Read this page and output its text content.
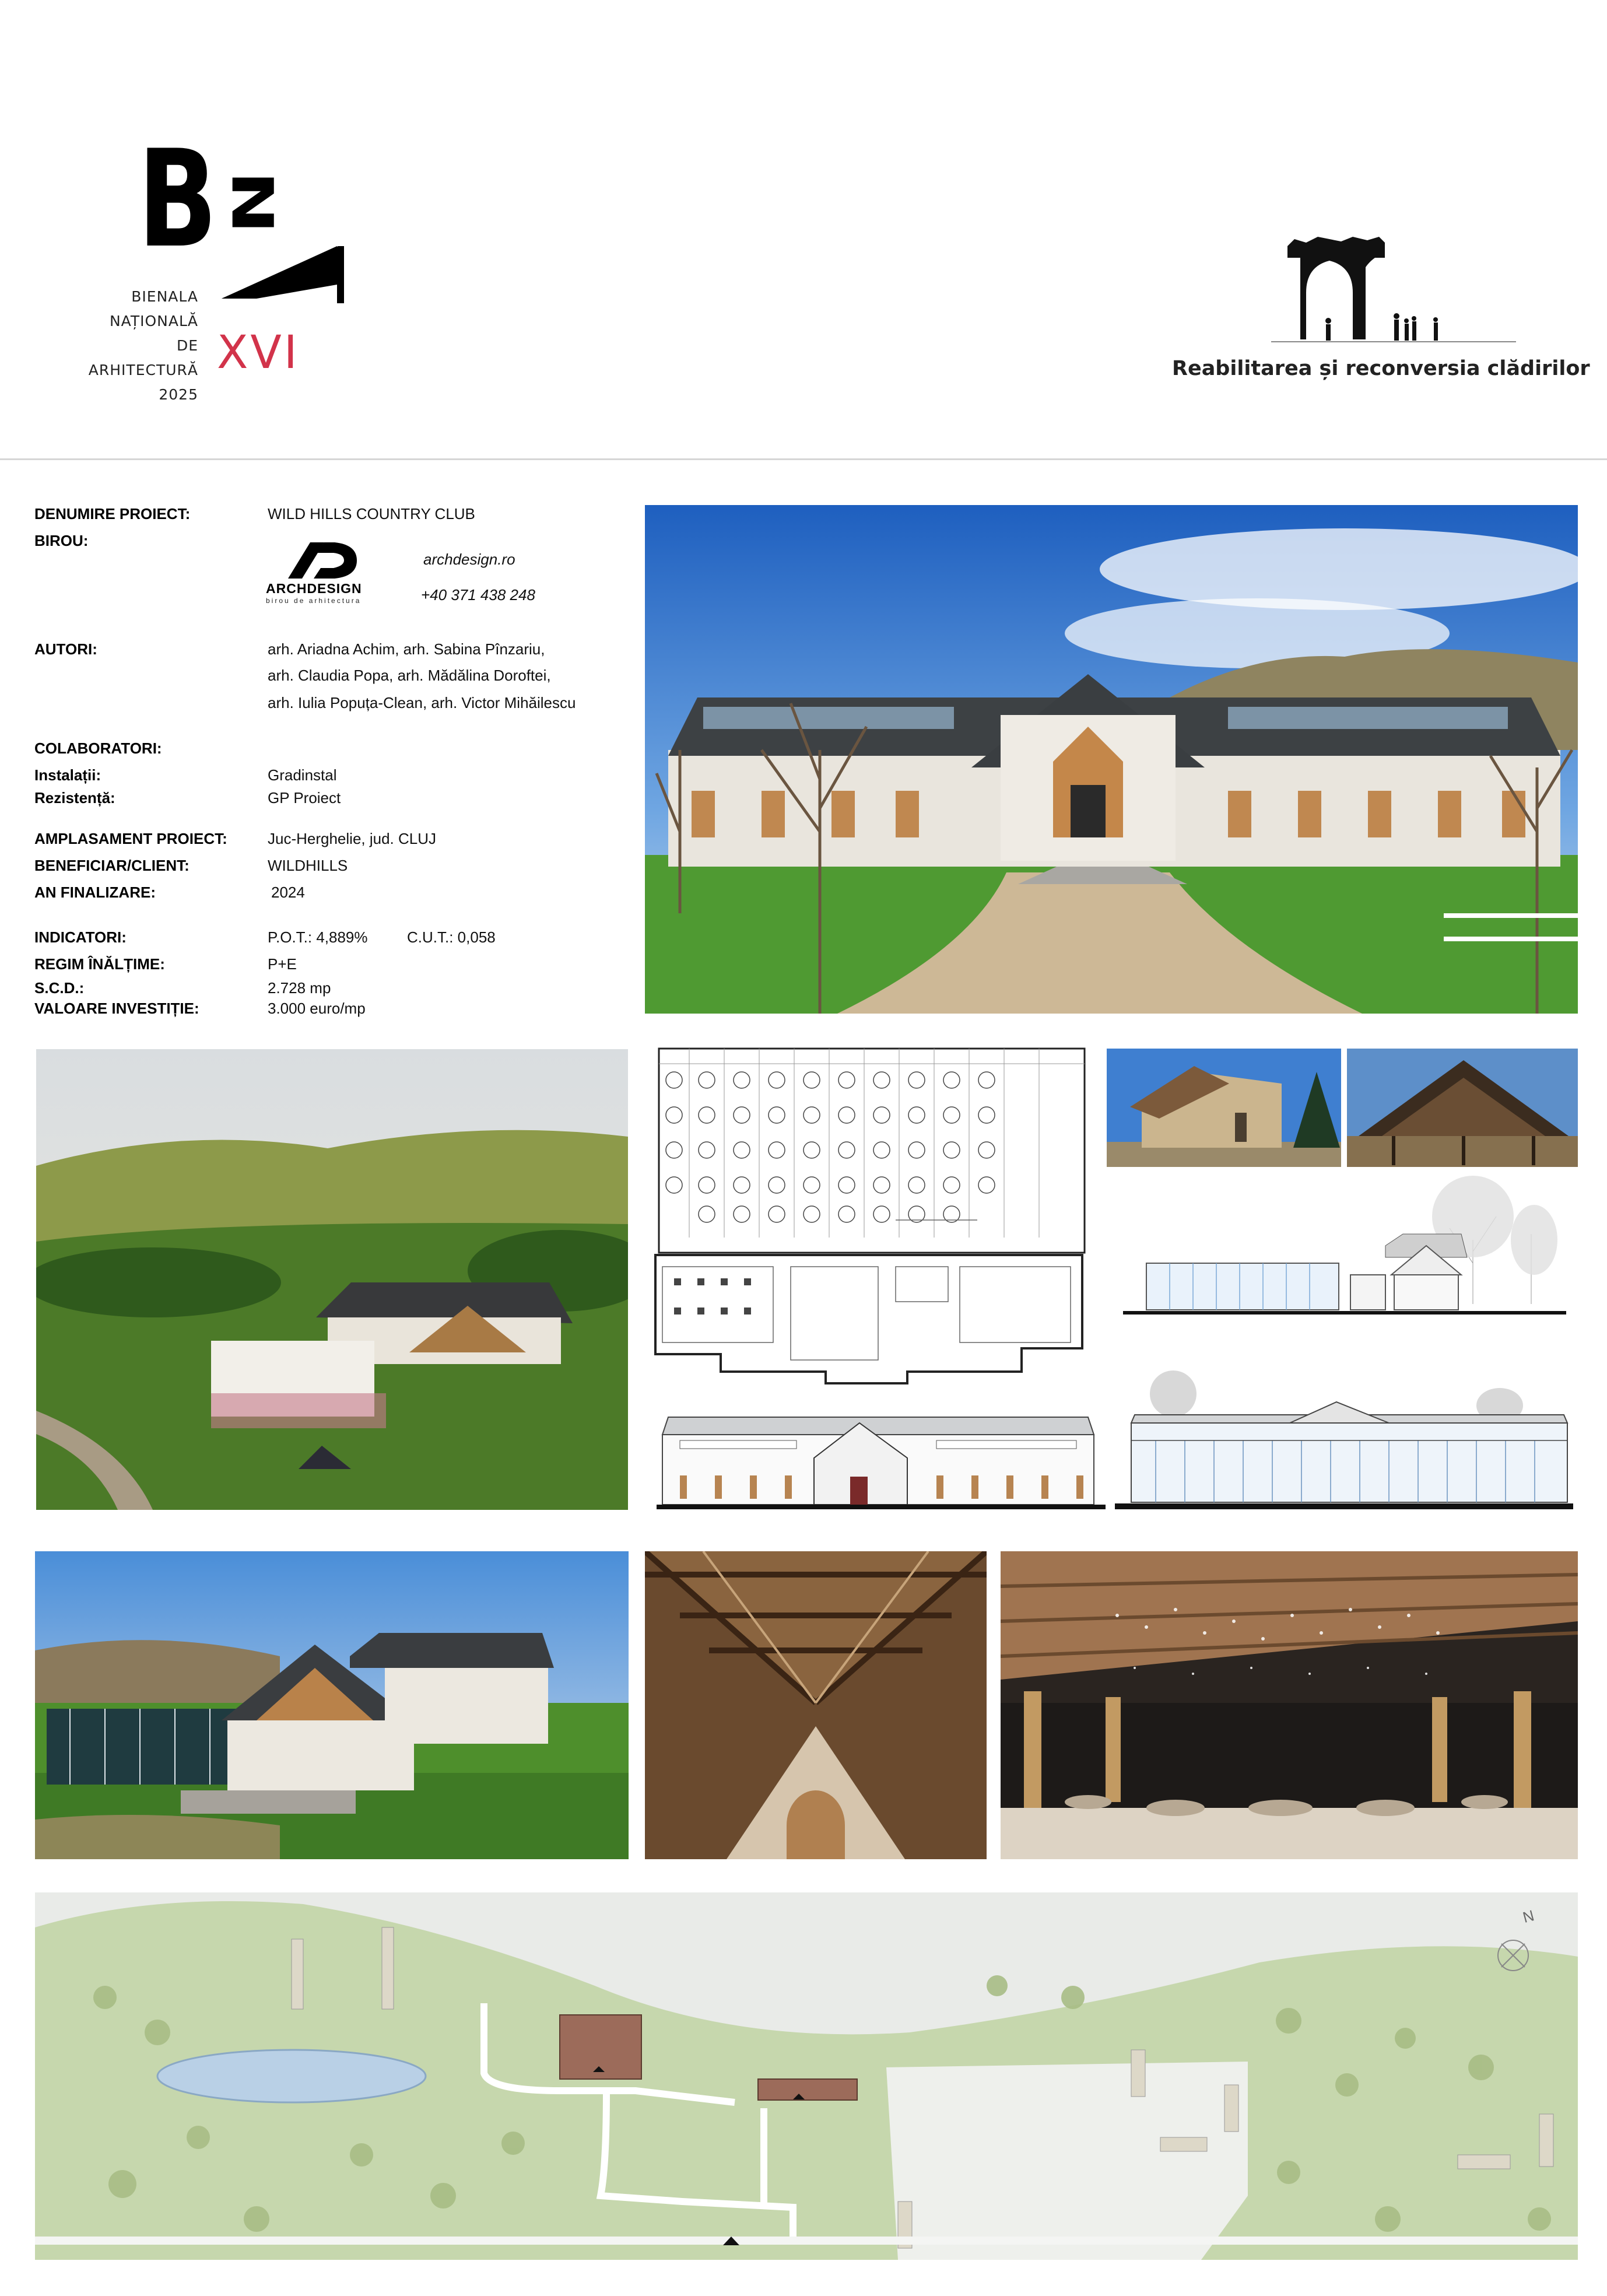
B N
BIENALA
NAȚIONALĂ
DE
ARHITECTURĂ
2025
XVI	Reabilitarea și reconversia clădirilor
DENUMIRE PROIECT:	WILD HILLS COUNTRY CLUB
BIROU:
ARCHDESIGN
birou de arhitectura
archdesign.ro
+40 371 438 248
AUTORI:	arh. Ariadna Achim, arh. Sabina Pînzariu,
arh. Claudia Popa, arh. Mădălina Doroftei,
arh. Iulia Popuța-Clean, arh. Victor Mihăilescu
COLABORATORI:
Instalații:	Gradinstal
Rezistență:	GP Proiect
AMPLASAMENT PROIECT:	Juc-Herghelie, jud. CLUJ
BENEFICIAR/CLIENT:	WILDHILLS
AN FINALIZARE:	2024
INDICATORI:	P.O.T.: 4,889%	C.U.T.: 0,058
REGIM ÎNĂLȚIME:	P+E
S.C.D.:	2.728 mp
VALOARE INVESTIȚIE:	3.000 euro/mp
N
